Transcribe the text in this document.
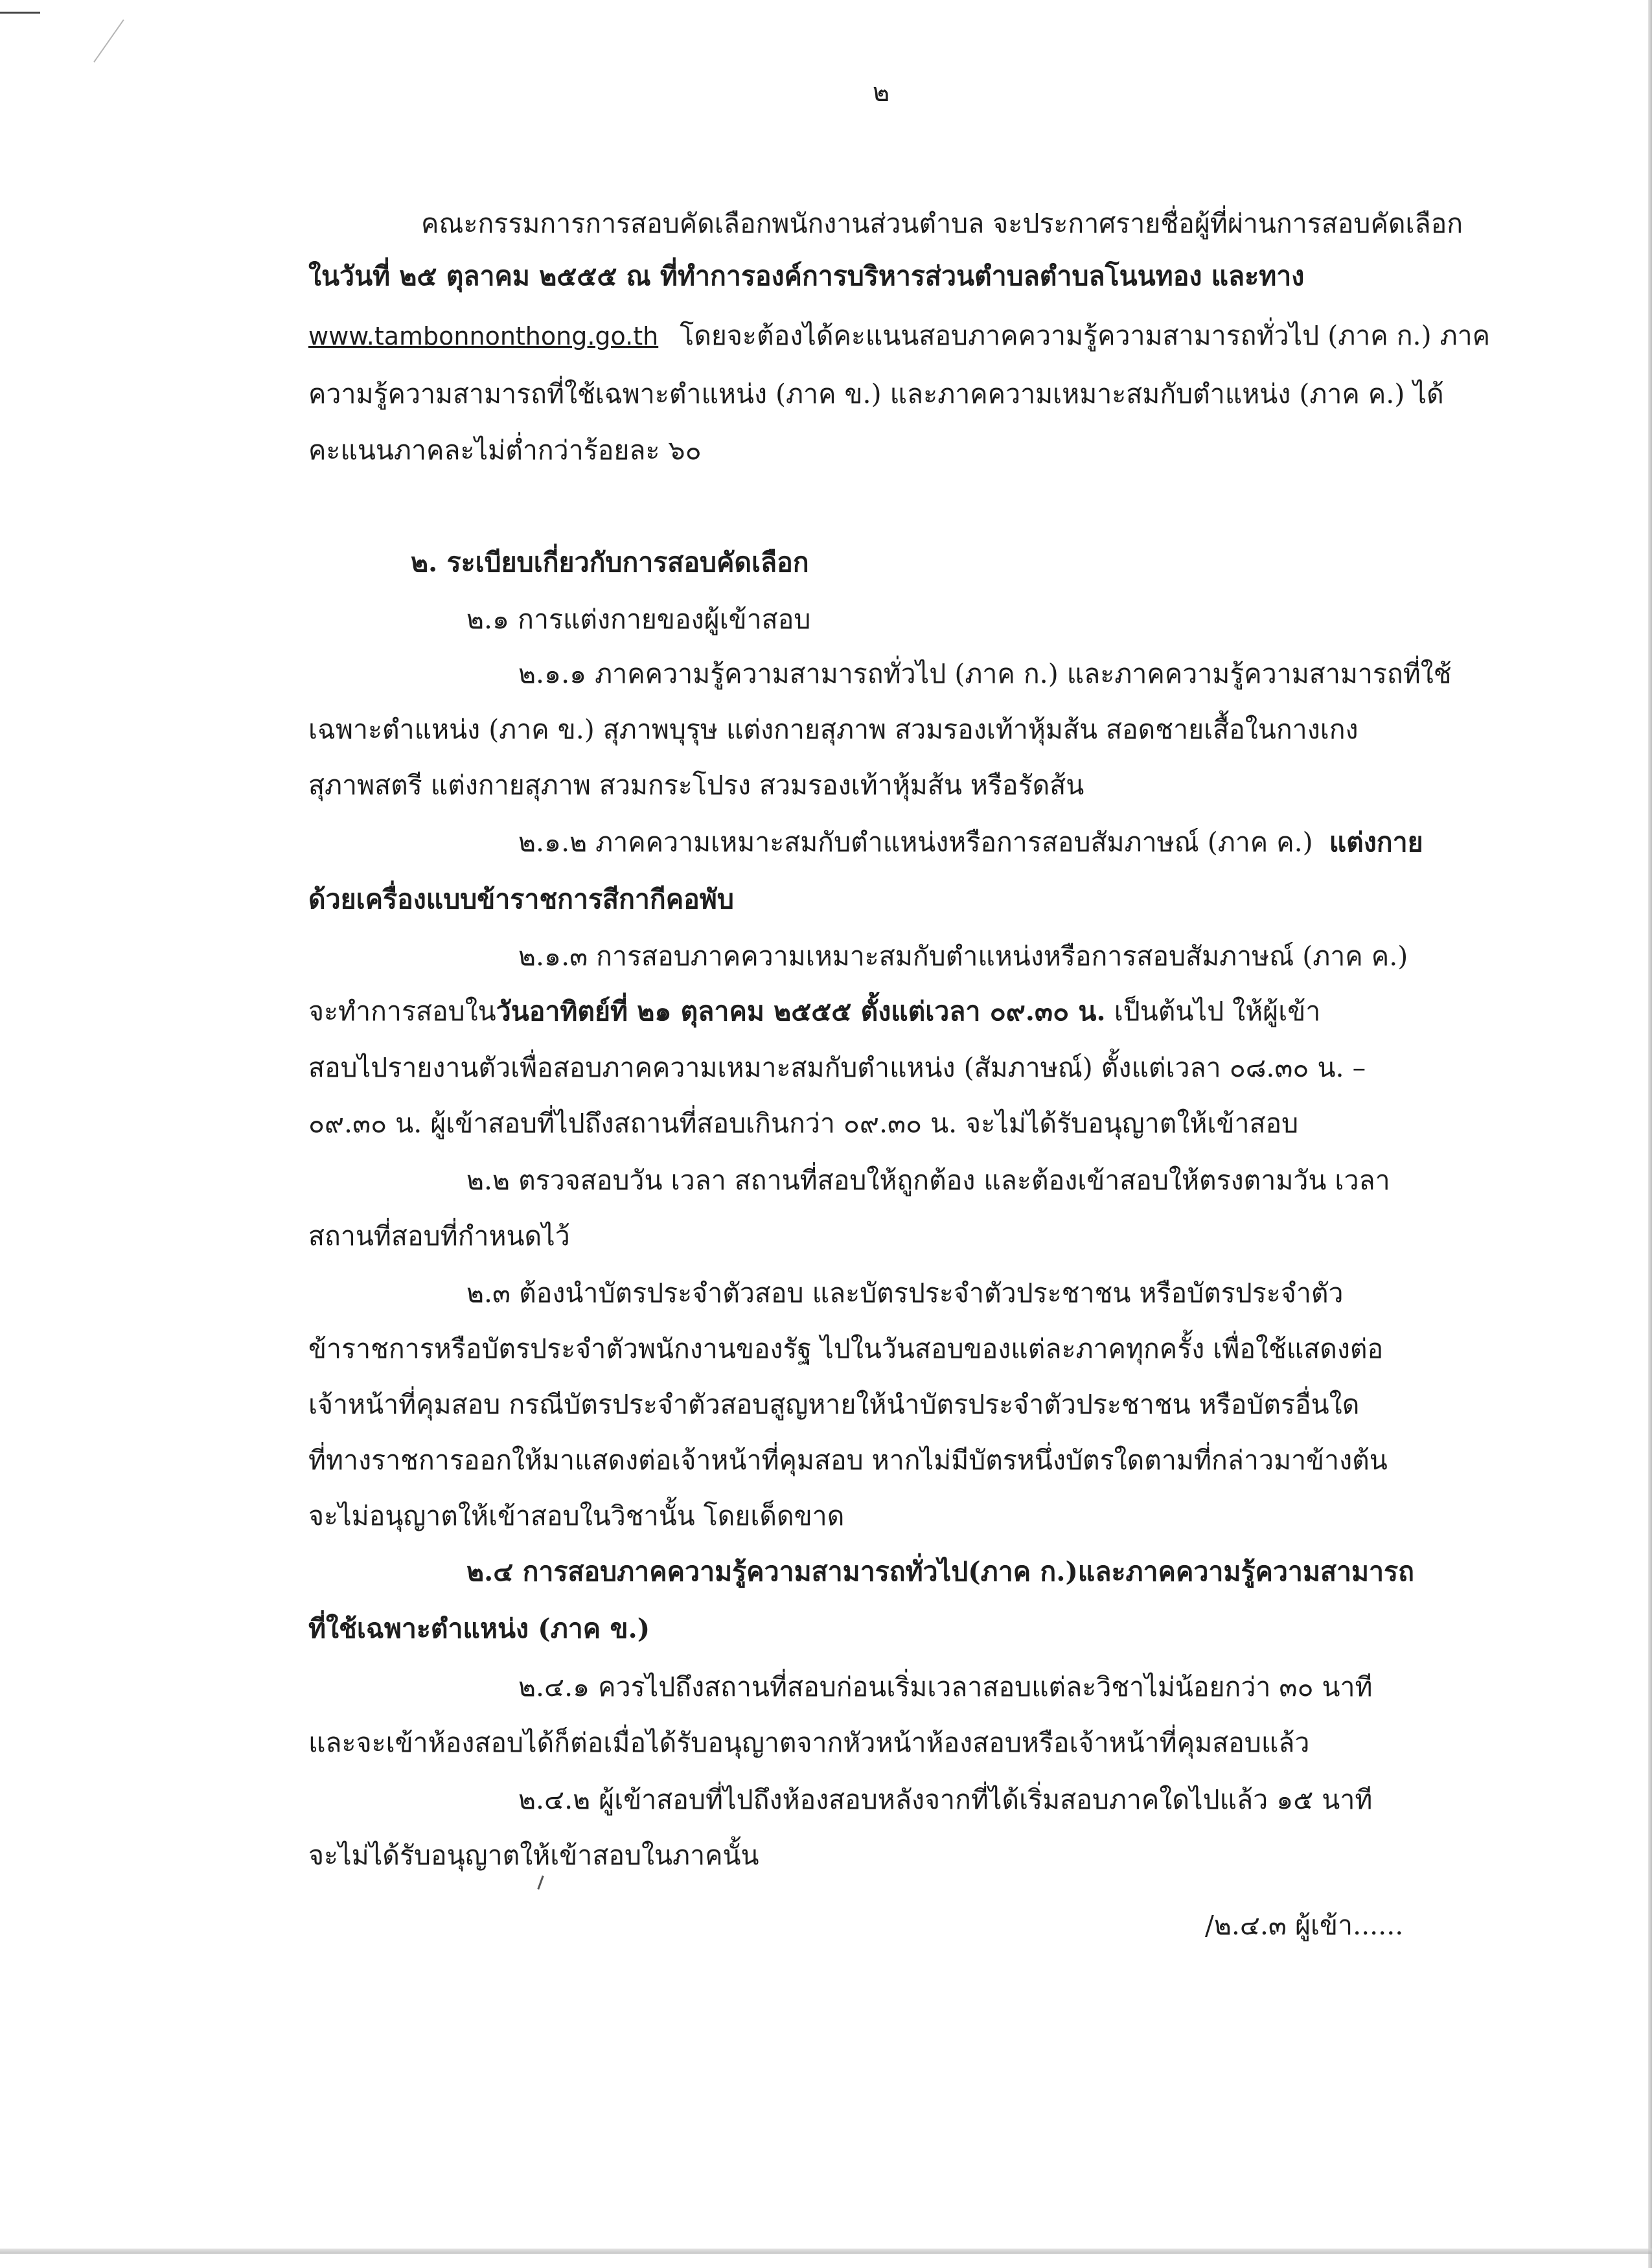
๒
คณะกรรมการการสอบคัดเลือกพนักงานส่วนตำบล จะประกาศรายชื่อผู้ที่ผ่านการสอบคัดเลือก
ในวันที่ ๒๕ ตุลาคม ๒๕๕๕ ณ ที่ทำการองค์การบริหารส่วนตำบลตำบลโนนทอง และทาง
www.tambonnonthong.go.th โดยจะต้องได้คะแนนสอบภาคความรู้ความสามารถทั่วไป (ภาค ก.) ภาค
ความรู้ความสามารถที่ใช้เฉพาะตำแหน่ง (ภาค ข.) และภาคความเหมาะสมกับตำแหน่ง (ภาค ค.) ได้
คะแนนภาคละไม่ต่ำกว่าร้อยละ ๖๐
๒. ระเบียบเกี่ยวกับการสอบคัดเลือก
๒.๑ การแต่งกายของผู้เข้าสอบ
๒.๑.๑ ภาคความรู้ความสามารถทั่วไป (ภาค ก.) และภาคความรู้ความสามารถที่ใช้
เฉพาะตำแหน่ง (ภาค ข.) สุภาพบุรุษ แต่งกายสุภาพ สวมรองเท้าหุ้มส้น สอดชายเสื้อในกางเกง
สุภาพสตรี แต่งกายสุภาพ สวมกระโปรง สวมรองเท้าหุ้มส้น หรือรัดส้น
๒.๑.๒ ภาคความเหมาะสมกับตำแหน่งหรือการสอบสัมภาษณ์ (ภาค ค.) แต่งกาย
ด้วยเครื่องแบบข้าราชการสีกากีคอพับ
๒.๑.๓ การสอบภาคความเหมาะสมกับตำแหน่งหรือการสอบสัมภาษณ์ (ภาค ค.)
จะทำการสอบในวันอาทิตย์ที่ ๒๑ ตุลาคม ๒๕๕๕ ตั้งแต่เวลา ๐๙.๓๐ น. เป็นต้นไป ให้ผู้เข้า
สอบไปรายงานตัวเพื่อสอบภาคความเหมาะสมกับตำแหน่ง (สัมภาษณ์) ตั้งแต่เวลา ๐๘.๓๐ น. –
๐๙.๓๐ น. ผู้เข้าสอบที่ไปถึงสถานที่สอบเกินกว่า ๐๙.๓๐ น. จะไม่ได้รับอนุญาตให้เข้าสอบ
๒.๒ ตรวจสอบวัน เวลา สถานที่สอบให้ถูกต้อง และต้องเข้าสอบให้ตรงตามวัน เวลา
สถานที่สอบที่กำหนดไว้
๒.๓ ต้องนำบัตรประจำตัวสอบ และบัตรประจำตัวประชาชน หรือบัตรประจำตัว
ข้าราชการหรือบัตรประจำตัวพนักงานของรัฐ ไปในวันสอบของแต่ละภาคทุกครั้ง เพื่อใช้แสดงต่อ
เจ้าหน้าที่คุมสอบ กรณีบัตรประจำตัวสอบสูญหายให้นำบัตรประจำตัวประชาชน หรือบัตรอื่นใด
ที่ทางราชการออกให้มาแสดงต่อเจ้าหน้าที่คุมสอบ หากไม่มีบัตรหนึ่งบัตรใดตามที่กล่าวมาข้างต้น
จะไม่อนุญาตให้เข้าสอบในวิชานั้น โดยเด็ดขาด
๒.๔ การสอบภาคความรู้ความสามารถทั่วไป(ภาค ก.)และภาคความรู้ความสามารถ
ที่ใช้เฉพาะตำแหน่ง (ภาค ข.)
๒.๔.๑ ควรไปถึงสถานที่สอบก่อนเริ่มเวลาสอบแต่ละวิชาไม่น้อยกว่า ๓๐ นาที
และจะเข้าห้องสอบได้ก็ต่อเมื่อได้รับอนุญาตจากหัวหน้าห้องสอบหรือเจ้าหน้าที่คุมสอบแล้ว
๒.๔.๒ ผู้เข้าสอบที่ไปถึงห้องสอบหลังจากที่ได้เริ่มสอบภาคใดไปแล้ว ๑๕ นาที
จะไม่ได้รับอนุญาตให้เข้าสอบในภาคนั้น
/๒.๔.๓ ผู้เข้า......
